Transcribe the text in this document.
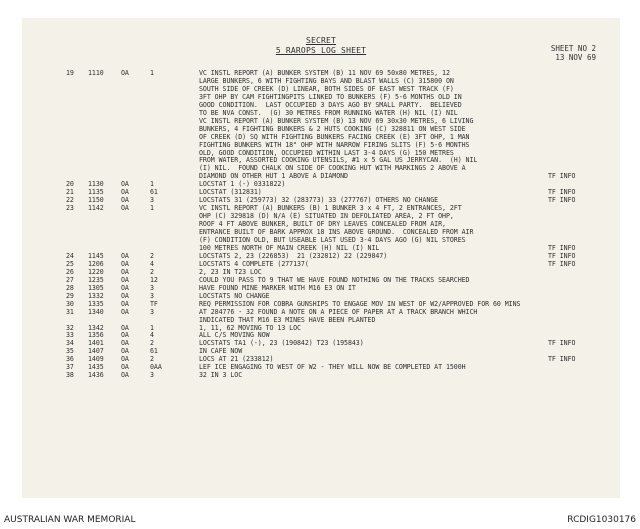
SECRET
5 RAROPS LOG SHEET	SHEET NO 2
13 NOV 69

19 1110	OA	1	VC INSTL REPORT (A) BUNKER SYSTEM (B) 11 NOV 69 50x80 METRES, 12

LARGE BUNKERS, 6 WITH FIGHTING BAYS AND BLAST WALLS (C) 315800 ON

SOUTH SIDE OF CREEK (D) LINEAR, BOTH SIDES OF EAST WEST TRACK (F)

3FT OHP BY CAM FIGHTINGPITS LINKED TO BUNKERS (F) 5-6 MONTHS OLD IN

GOOD CONDITION.  LAST OCCUPIED 3 DAYS AGO BY SMALL PARTY.  BELIEVED

TO BE NVA CONST.  (G) 30 METRES FROM RUNNING WATER (H) NIL (I) NIL

VC INSTL REPORT (A) BUNKER SYSTEM (B) 13 NOV 69 30x30 METRES, 6 LIVING

BUNKERS, 4 FIGHTING BUNKERS & 2 HUTS COOKING (C) 328811 ON WEST SIDE

OF CREEK (D) SQ WITH FIGHTING BUNKERS FACING CREEK (E) 3FT OHP, 1 MAN

FIGHTING BUNKERS WITH 18" OHP WITH NARROW FIRING SLITS (F) 5-6 MONTHS

OLD, GOOD CONDITION, OCCUPIED WITHIN LAST 3-4 DAYS (G) 150 METRES

FROM WATER, ASSORTED COOKING UTENSILS, #1 x 5 GAL US JERRYCAN.  (H) NIL

(I) NIL.  FOUND CHALK ON SIDE OF COOKING HUT WITH MARKINGS 2 ABOVE A

DIAMOND ON OTHER HUT 1 ABOVE A DIAMOND	TF INFO

20 1130	OA	1	LOCSTAT 1 (-) 0331822)

21 1135	OA	61	LOCSTAT (312831)	TF INFO

22 1150	OA	3	LOCSTATS 31 (259773) 32 (283773) 33 (277767) OTHERS NO CHANGE	TF INFO

23 1142	OA	1	VC INSTL REPORT (A) BUNKERS (B) 1 BUNKER 3 x 4 FT, 2 ENTRANCES, 2FT

OHP (C) 329818 (D) N/A (E) SITUATED IN DEFOLIATED AREA, 2 FT OHP,

ROOF 4 FT ABOVE BUNKER, BUILT OF DRY LEAVES CONCEALED FROM AIR,

ENTRANCE BUILT OF BARK APPROX 18 INS ABOVE GROUND.  CONCEALED FROM AIR

(F) CONDITION OLD, BUT USEABLE LAST USED 3-4 DAYS AGO (G) NIL STORES

100 METRES NORTH OF MAIN CREEK (H) NIL (I) NIL	TF INFO

24 1145	OA	2	LOCSTATS 2, 23 (226853)  21 (232812) 22 (229847)	TF INFO

25 1206	OA	4	LOCSTATS 4 COMPLETE (277137(	TF INFO

26 1220	OA	2	2, 23 IN T23 LOC

27 1235	OA	12	COULD YOU PASS TO 9 THAT WE HAVE FOUND NOTHING ON THE TRACKS SEARCHED

28 1305	OA	3	HAVE FOUND MINE MARKER WITH M16 E3 ON IT

29 1332	OA	3	LOCSTATS NO CHANGE

30 1335	OA	TF	REQ PERMISSION FOR COBRA GUNSHIPS TO ENGAGE MOV IN WEST OF W2/APPROVED FOR 60 MINS

31 1340	OA	3	AT 284776 - 32 FOUND A NOTE ON A PIECE OF PAPER AT A TRACK BRANCH WHICH

INDICATED THAT M16 E3 MINES HAVE BEEN PLANTED

32 1342	OA	1	1, 11, 62 MOVING TO 13 LOC

33 1356	OA	4	ALL C/S MOVING NOW

34 1401	OA	2	LOCSTATS TA1 (-), 23 (190842) T23 (195843)	TF INFO

35 1407	OA	61	IN CAFE NOW

36 1409	OA	2	LOCS AT 21 (233812)	TF INFO

37 1435	OA	0AA	LEF ICE ENGAGING TO WEST OF W2 - THEY WILL NOW BE COMPLETED AT 1500H

38 1436	OA	3	32 IN 3 LOC
AUSTRALIAN WAR MEMORIAL	RCDIG1030176
